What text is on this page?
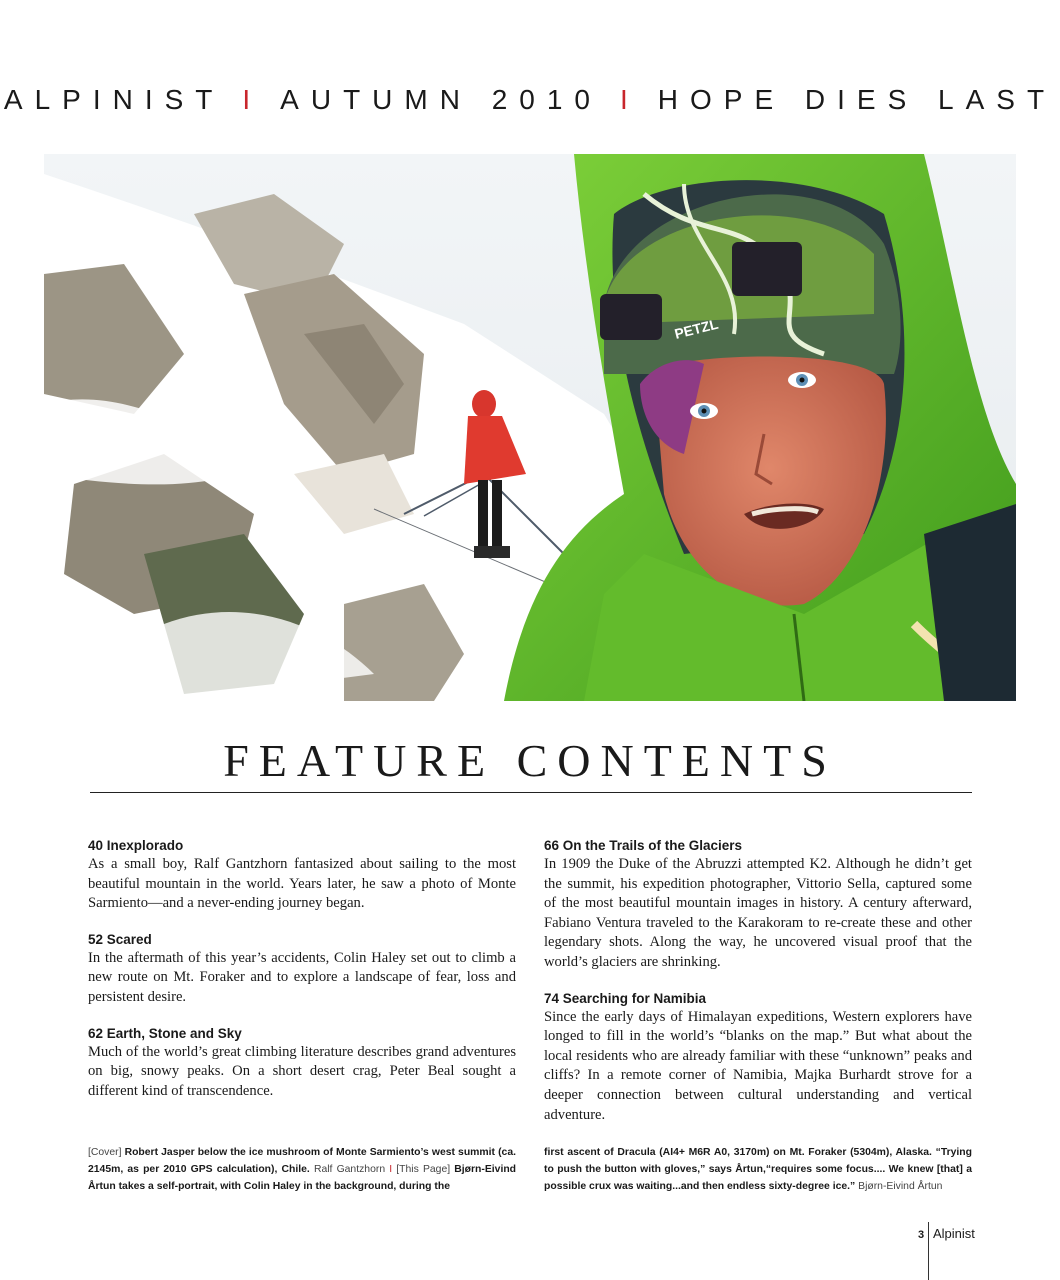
ALPINIST I AUTUMN 2010 I HOPE DIES LAST
PETZL
FEATURE CONTENTS
40 Inexplorado

As a small boy, Ralf Gantzhorn fantasized about sailing to the most beautiful mountain in the world. Years later, he saw a photo of Monte Sarmiento—and a never-ending journey began.

52 Scared

In the aftermath of this year’s accidents, Colin Haley set out to climb a new route on Mt. Foraker and to explore a landscape of fear, loss and persistent desire.

62 Earth, Stone and Sky

Much of the world’s great climbing literature describes grand adventures on big, snowy peaks. On a short desert crag, Peter Beal sought a different kind of transcendence.

66 On the Trails of the Glaciers

In 1909 the Duke of the Abruzzi attempted K2. Although he didn’t get the summit, his expedition photographer, Vittorio Sella, captured some of the most beautiful mountain images in history. A century afterward, Fabiano Ventura traveled to the Karakoram to re-create these and other legendary shots. Along the way, he uncovered visual proof that the world’s glaciers are shrinking.

74 Searching for Namibia

Since the early days of Himalayan expeditions, Western explorers have longed to fill in the world’s “blanks on the map.” But what about the local residents who are already familiar with these “unknown” peaks and cliffs? In a remote corner of Namibia, Majka Burhardt strove for a deeper connection between cultural understanding and vertical adventure.

[Cover] Robert Jasper below the ice mushroom of Monte Sarmiento’s west summit (ca. 2145m, as per 2010 GPS calculation), Chile. Ralf Gantzhorn I [This Page] Bjørn-Eivind Årtun takes a self-portrait, with Colin Haley in the background, during the
first ascent of Dracula (AI4+ M6R A0, 3170m) on Mt. Foraker (5304m), Alaska. “Trying to push the button with gloves,” says Årtun,“requires some focus.... We knew [that] a possible crux was waiting...and then endless sixty-degree ice.” Bjørn-Eivind Årtun
3 Alpinist
